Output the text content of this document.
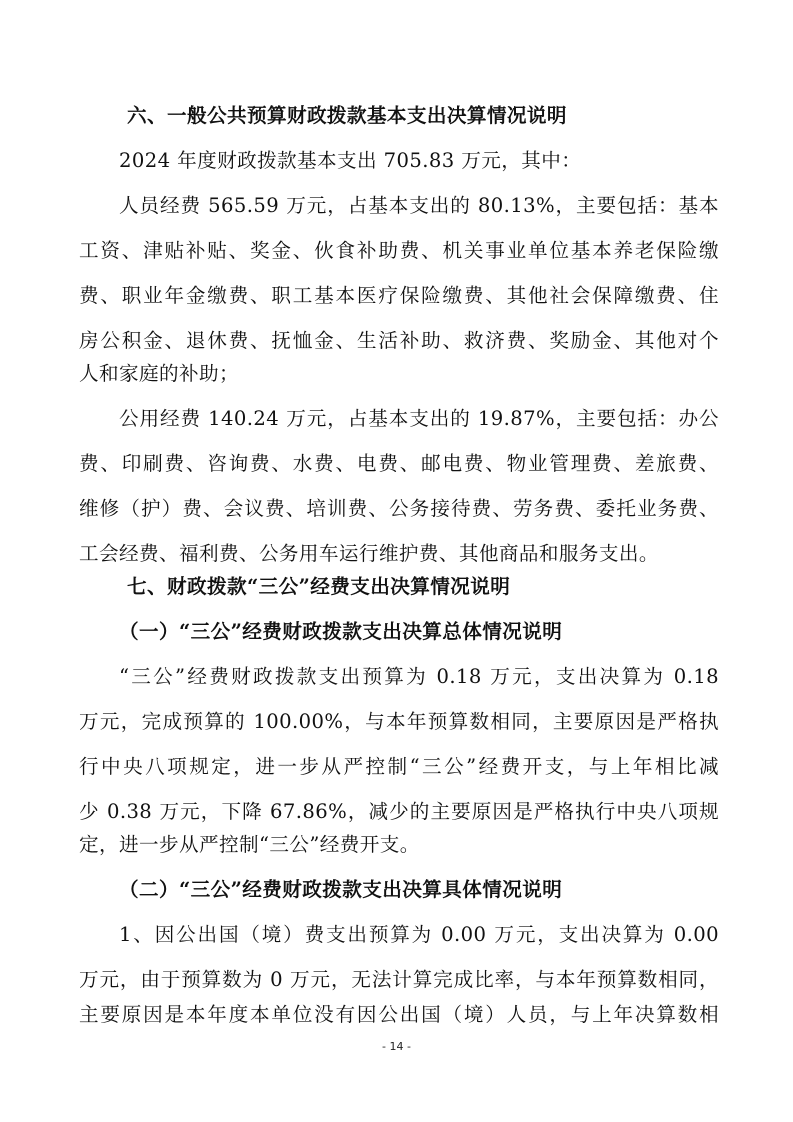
六、一般公共预算财政拨款基本支出决算情况说明
2024 年度财政拨款基本支出 705.83 万元，其中：
人员经费 565.59 万元，占基本支出的 80.13%，主要包括：基本
工资、津贴补贴、奖金、伙食补助费、机关事业单位基本养老保险缴
费、职业年金缴费、职工基本医疗保险缴费、其他社会保障缴费、住
房公积金、退休费、抚恤金、生活补助、救济费、奖励金、其他对个
人和家庭的补助；
公用经费 140.24 万元，占基本支出的 19.87%，主要包括：办公
费、印刷费、咨询费、水费、电费、邮电费、物业管理费、差旅费、
维修（护）费、会议费、培训费、公务接待费、劳务费、委托业务费、
工会经费、福利费、公务用车运行维护费、其他商品和服务支出。
七、财政拨款“三公”经费支出决算情况说明
（一）“三公”经费财政拨款支出决算总体情况说明
“三公”经费财政拨款支出预算为 0.18 万元，支出决算为 0.18
万元，完成预算的 100.00%，与本年预算数相同，主要原因是严格执
行中央八项规定，进一步从严控制“三公”经费开支，与上年相比减
少 0.38 万元，下降 67.86%，减少的主要原因是严格执行中央八项规
定，进一步从严控制“三公”经费开支。
（二）“三公”经费财政拨款支出决算具体情况说明
1、因公出国（境）费支出预算为 0.00 万元，支出决算为 0.00
万元，由于预算数为 0 万元，无法计算完成比率，与本年预算数相同，
主要原因是本年度本单位没有因公出国（境）人员，与上年决算数相
- 14 -
